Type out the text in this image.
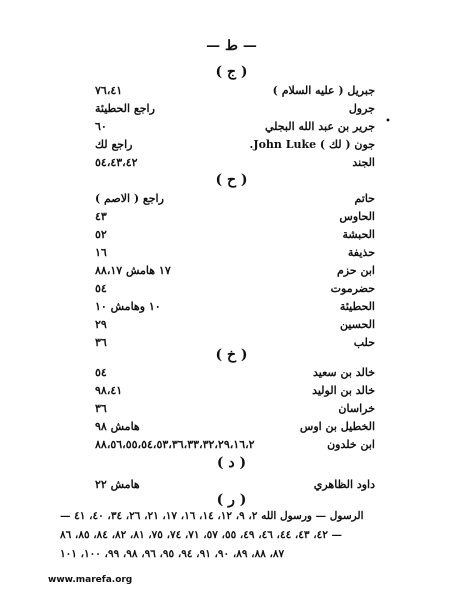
— ط —
( ج )
جبريل ( عليه السلام )
٧٦،٤١
جرول
راجع الحطيئة
جرير بن عبد الله البجلي
٦٠	•
جون ( لك ) John Luke.
راجع لك
الجند
٥٤،٤٣،٤٢
( ح )
حاتم
راجع ( الاصم )
الحاوس
٤٣
الحبشة
٥٢
حذيفة
١٦
ابن حزم
١٧ هامش ٨٨،١٧
حضرموت
٥٤
الحطيئة
١٠ وهامش ١٠
الحسين
٢٩
حلب
٣٦
( خ )
خالد بن سعيد
٥٤
خالد بن الوليد
٩٨،٤١
خراسان
٣٦
الخطيل بن اوس
هامش ٩٨
ابن خلدون
٨٨،٥٦،٥٥،٥٤،٥٣،٣٦،٣٣،٣٢،٢٩،١٦،٢
( د )
داود الظاهري
هامش ٢٢
( ر )
الرسول — ورسول الله ٢، ٩، ١٢، ١٤، ١٦، ١٧، ٢١، ٢٦، ٣٤، ٤٠، ٤١ —
٤٢، ٤٣، ٤٤، ٤٦، ٤٩، ٥٥، ٥٧، ٧١، ٧٤، ٧٥، ٨١، ٨٢، ٨٤، ٨٥، ٨٦ —
٨٧، ٨٨، ٨٩، ٩٠، ٩١، ٩٤، ٩٥، ٩٦، ٩٨، ٩٩، ١٠٠، ١٠١
www.marefa.org
